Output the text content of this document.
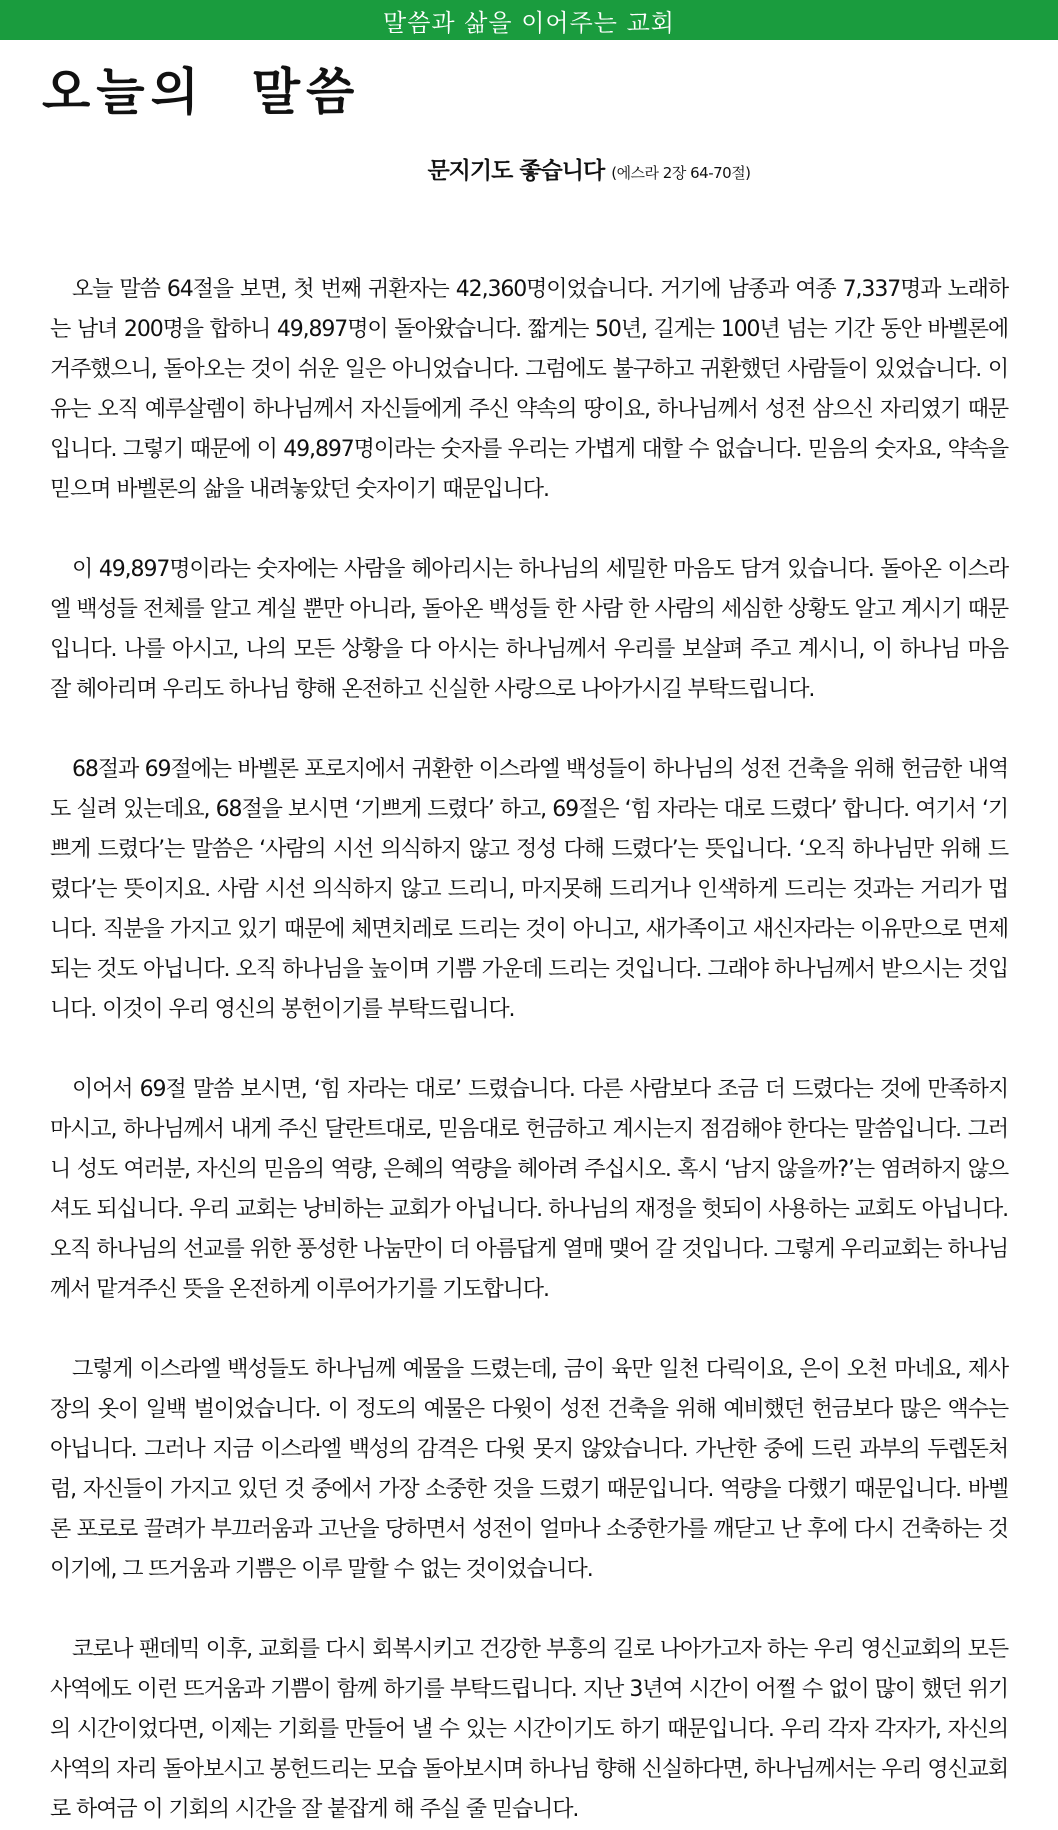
말씀과 삶을 이어주는 교회
오늘의  말씀
문지기도 좋습니다 (에스라 2장 64-70절)

오늘 말씀 64절을 보면, 첫 번째 귀환자는 42,360명이었습니다. 거기에 남종과 여종 7,337명과 노래하는 남녀 200명을 합하니 49,897명이 돌아왔습니다. 짧게는 50년, 길게는 100년 넘는 기간 동안 바벨론에 거주했으니, 돌아오는 것이 쉬운 일은 아니었습니다. 그럼에도 불구하고 귀환했던 사람들이 있었습니다. 이유는 오직 예루살렘이 하나님께서 자신들에게 주신 약속의 땅이요, 하나님께서 성전 삼으신 자리였기 때문입니다. 그렇기 때문에 이 49,897명이라는 숫자를 우리는 가볍게 대할 수 없습니다. 믿음의 숫자요, 약속을 믿으며 바벨론의 삶을 내려놓았던 숫자이기 때문입니다.

이 49,897명이라는 숫자에는 사람을 헤아리시는 하나님의 세밀한 마음도 담겨 있습니다. 돌아온 이스라엘 백성들 전체를 알고 계실 뿐만 아니라, 돌아온 백성들 한 사람 한 사람의 세심한 상황도 알고 계시기 때문입니다. 나를 아시고, 나의 모든 상황을 다 아시는 하나님께서 우리를 보살펴 주고 계시니, 이 하나님 마음 잘 헤아리며 우리도 하나님 향해 온전하고 신실한 사랑으로 나아가시길 부탁드립니다.

68절과 69절에는 바벨론 포로지에서 귀환한 이스라엘 백성들이 하나님의 성전 건축을 위해 헌금한 내역도 실려 있는데요, 68절을 보시면 ‘기쁘게 드렸다’ 하고, 69절은 ‘힘 자라는 대로 드렸다’ 합니다. 여기서 ‘기쁘게 드렸다’는 말씀은 ‘사람의 시선 의식하지 않고 정성 다해 드렸다’는 뜻입니다. ‘오직 하나님만 위해 드렸다’는 뜻이지요. 사람 시선 의식하지 않고 드리니, 마지못해 드리거나 인색하게 드리는 것과는 거리가 멉니다. 직분을 가지고 있기 때문에 체면치레로 드리는 것이 아니고, 새가족이고 새신자라는 이유만으로 면제되는 것도 아닙니다. 오직 하나님을 높이며 기쁨 가운데 드리는 것입니다. 그래야 하나님께서 받으시는 것입니다. 이것이 우리 영신의 봉헌이기를 부탁드립니다.

이어서 69절 말씀 보시면, ‘힘 자라는 대로’ 드렸습니다. 다른 사람보다 조금 더 드렸다는 것에 만족하지 마시고, 하나님께서 내게 주신 달란트대로, 믿음대로 헌금하고 계시는지 점검해야 한다는 말씀입니다. 그러니 성도 여러분, 자신의 믿음의 역량, 은혜의 역량을 헤아려 주십시오. 혹시 ‘남지 않을까?’는 염려하지 않으셔도 되십니다. 우리 교회는 낭비하는 교회가 아닙니다. 하나님의 재정을 헛되이 사용하는 교회도 아닙니다. 오직 하나님의 선교를 위한 풍성한 나눔만이 더 아름답게 열매 맺어 갈 것입니다. 그렇게 우리교회는 하나님께서 맡겨주신 뜻을 온전하게 이루어가기를 기도합니다.

그렇게 이스라엘 백성들도 하나님께 예물을 드렸는데, 금이 육만 일천 다릭이요, 은이 오천 마네요, 제사장의 옷이 일백 벌이었습니다. 이 정도의 예물은 다윗이 성전 건축을 위해 예비했던 헌금보다 많은 액수는 아닙니다. 그러나 지금 이스라엘 백성의 감격은 다윗 못지 않았습니다. 가난한 중에 드린 과부의 두렙돈처럼, 자신들이 가지고 있던 것 중에서 가장 소중한 것을 드렸기 때문입니다. 역량을 다했기 때문입니다. 바벨론 포로로 끌려가 부끄러움과 고난을 당하면서 성전이 얼마나 소중한가를 깨닫고 난 후에 다시 건축하는 것이기에, 그 뜨거움과 기쁨은 이루 말할 수 없는 것이었습니다.

코로나 팬데믹 이후, 교회를 다시 회복시키고 건강한 부흥의 길로 나아가고자 하는 우리 영신교회의 모든 사역에도 이런 뜨거움과 기쁨이 함께 하기를 부탁드립니다. 지난 3년여 시간이 어쩔 수 없이 많이 했던 위기의 시간이었다면, 이제는 기회를 만들어 낼 수 있는 시간이기도 하기 때문입니다. 우리 각자 각자가, 자신의 사역의 자리 돌아보시고 봉헌드리는 모습 돌아보시며 하나님 향해 신실하다면, 하나님께서는 우리 영신교회로 하여금 이 기회의 시간을 잘 붙잡게 해 주실 줄 믿습니다.
